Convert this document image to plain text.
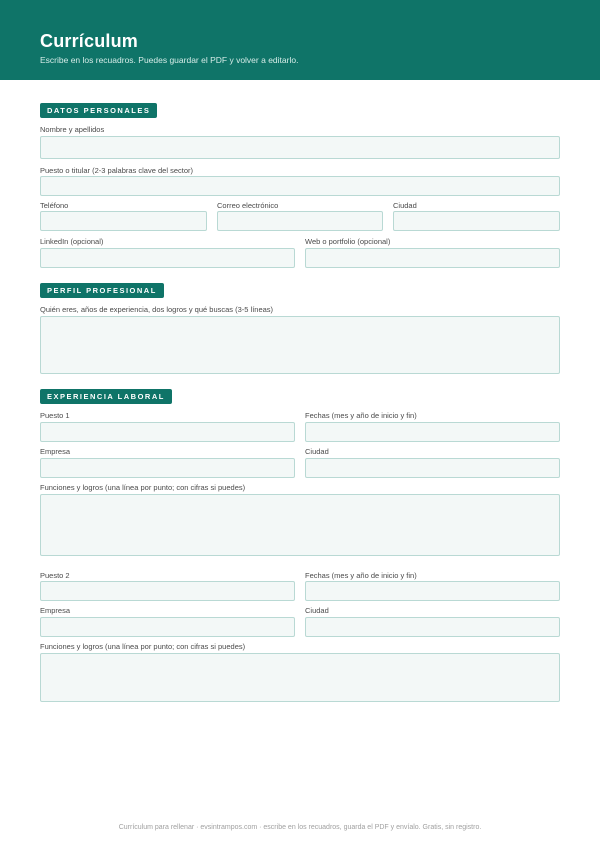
Currículum
Escribe en los recuadros. Puedes guardar el PDF y volver a editarlo.
DATOS PERSONALES
Nombre y apellidos
Puesto o titular (2-3 palabras clave del sector)
Teléfono	Correo electrónico	Ciudad
LinkedIn (opcional)	Web o portfolio (opcional)
PERFIL PROFESIONAL
Quién eres, años de experiencia, dos logros y qué buscas (3-5 líneas)
EXPERIENCIA LABORAL
Puesto 1	Fechas (mes y año de inicio y fin)
Empresa	Ciudad
Funciones y logros (una línea por punto; con cifras si puedes)
Puesto 2	Fechas (mes y año de inicio y fin)
Empresa	Ciudad
Funciones y logros (una línea por punto; con cifras si puedes)
Currículum para rellenar · evsintrampos.com · escribe en los recuadros, guarda el PDF y envíalo. Gratis, sin registro.
